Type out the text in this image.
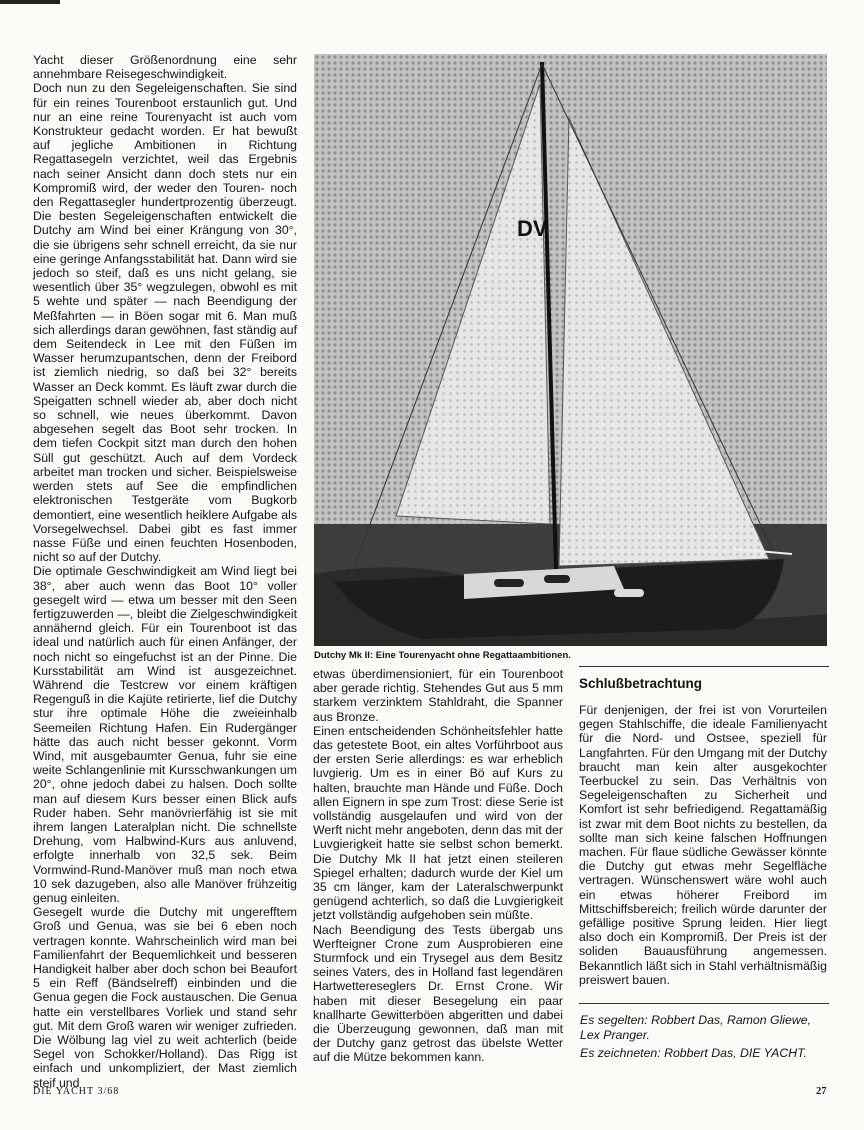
Yacht dieser Größenordnung eine sehr annehmbare Reisegeschwindigkeit.

Doch nun zu den Segeleigenschaften. Sie sind für ein reines Tourenboot erstaunlich gut. Und nur an eine reine Tourenyacht ist auch vom Konstrukteur gedacht worden. Er hat bewußt auf jegliche Ambitionen in Richtung Regattasegeln verzichtet, weil das Ergebnis nach seiner Ansicht dann doch stets nur ein Kompromiß wird, der weder den Touren- noch den Regattasegler hundertprozentig überzeugt. Die besten Segeleigenschaften entwickelt die Dutchy am Wind bei einer Krängung von 30°, die sie übrigens sehr schnell erreicht, da sie nur eine geringe Anfangsstabilität hat. Dann wird sie jedoch so steif, daß es uns nicht gelang, sie wesentlich über 35° wegzulegen, obwohl es mit 5 wehte und später — nach Beendigung der Meßfahrten — in Böen sogar mit 6. Man muß sich allerdings daran gewöhnen, fast ständig auf dem Seitendeck in Lee mit den Füßen im Wasser herumzupantschen, denn der Freibord ist ziemlich niedrig, so daß bei 32° bereits Wasser an Deck kommt. Es läuft zwar durch die Speigatten schnell wieder ab, aber doch nicht so schnell, wie neues überkommt. Davon abgesehen segelt das Boot sehr trocken. In dem tiefen Cockpit sitzt man durch den hohen Süll gut geschützt. Auch auf dem Vordeck arbeitet man trocken und sicher. Beispielsweise werden stets auf See die empfindlichen elektronischen Testgeräte vom Bugkorb demontiert, eine wesentlich heiklere Aufgabe als Vorsegelwechsel. Dabei gibt es fast immer nasse Füße und einen feuchten Hosenboden, nicht so auf der Dutchy.

Die optimale Geschwindigkeit am Wind liegt bei 38°, aber auch wenn das Boot 10° voller gesegelt wird — etwa um besser mit den Seen fertigzuwerden —, bleibt die Zielgeschwindigkeit annähernd gleich. Für ein Tourenboot ist das ideal und natürlich auch für einen Anfänger, der noch nicht so eingefuchst ist an der Pinne. Die Kursstabilität am Wind ist ausgezeichnet. Während die Testcrew vor einem kräftigen Regenguß in die Kajüte retirierte, lief die Dutchy stur ihre optimale Höhe die zweieinhalb Seemeilen Richtung Hafen. Ein Rudergänger hätte das auch nicht besser gekonnt. Vorm Wind, mit ausgebaumter Genua, fuhr sie eine weite Schlangenlinie mit Kursschwankungen um 20°, ohne jedoch dabei zu halsen. Doch sollte man auf diesem Kurs besser einen Blick aufs Ruder haben. Sehr manövrierfähig ist sie mit ihrem langen Lateralplan nicht. Die schnellste Drehung, vom Halbwind-Kurs aus anluvend, erfolgte innerhalb von 32,5 sek. Beim Vormwind-Rund-Manöver muß man noch etwa 10 sek dazugeben, also alle Manöver frühzeitig genug einleiten.

Gesegelt wurde die Dutchy mit ungerefftem Groß und Genua, was sie bei 6 eben noch vertragen konnte. Wahrscheinlich wird man bei Familienfahrt der Bequemlichkeit und besseren Handigkeit halber aber doch schon bei Beaufort 5 ein Reff (Bändselreff) einbinden und die Genua gegen die Fock austauschen. Die Genua hatte ein verstellbares Vorliek und stand sehr gut. Mit dem Groß waren wir weniger zufrieden. Die Wölbung lag viel zu weit achterlich (beide Segel von Schokker/Holland). Das Rigg ist einfach und unkompliziert, der Mast ziemlich steif und

DV
Dutchy Mk II: Eine Tourenyacht ohne Regattaambitionen.

etwas überdimensioniert, für ein Tourenboot aber gerade richtig. Stehendes Gut aus 5 mm starkem verzinktem Stahldraht, die Spanner aus Bronze.

Einen entscheidenden Schönheitsfehler hatte das getestete Boot, ein altes Vorführboot aus der ersten Serie allerdings: es war erheblich luvgierig. Um es in einer Bö auf Kurs zu halten, brauchte man Hände und Füße. Doch allen Eignern in spe zum Trost: diese Serie ist vollständig ausgelaufen und wird von der Werft nicht mehr angeboten, denn das mit der Luvgierigkeit hatte sie selbst schon bemerkt. Die Dutchy Mk II hat jetzt einen steileren Spiegel erhalten; dadurch wurde der Kiel um 35 cm länger, kam der Lateralschwerpunkt genügend achterlich, so daß die Luvgierigkeit jetzt vollständig aufgehoben sein müßte.

Nach Beendigung des Tests übergab uns Werfteigner Crone zum Ausprobieren eine Sturmfock und ein Trysegel aus dem Besitz seines Vaters, des in Holland fast legendären Hartwettereseglers Dr. Ernst Crone. Wir haben mit dieser Besegelung ein paar knallharte Gewitterböen abgeritten und dabei die Überzeugung gewonnen, daß man mit der Dutchy ganz getrost das übelste Wetter auf die Mütze bekommen kann.

Schlußbetrachtung

Für denjenigen, der frei ist von Vorurteilen gegen Stahlschiffe, die ideale Familienyacht für die Nord- und Ostsee, speziell für Langfahrten. Für den Umgang mit der Dutchy braucht man kein alter ausgekochter Teerbuckel zu sein. Das Verhältnis von Segeleigenschaften zu Sicherheit und Komfort ist sehr befriedigend. Regattamäßig ist zwar mit dem Boot nichts zu bestellen, da sollte man sich keine falschen Hoffnungen machen. Für flaue südliche Gewässer könnte die Dutchy gut etwas mehr Segelfläche vertragen. Wünschenswert wäre wohl auch ein etwas höherer Freibord im Mittschiffsbereich; freilich würde darunter der gefällige positive Sprung leiden. Hier liegt also doch ein Kompromiß. Der Preis ist der soliden Bauausführung angemessen. Bekanntlich läßt sich in Stahl verhältnismäßig preiswert bauen.

Es segelten: Robbert Das, Ramon Gliewe, Lex Pranger.

Es zeichneten: Robbert Das, DIE YACHT.

DIE YACHT 3/68	27
